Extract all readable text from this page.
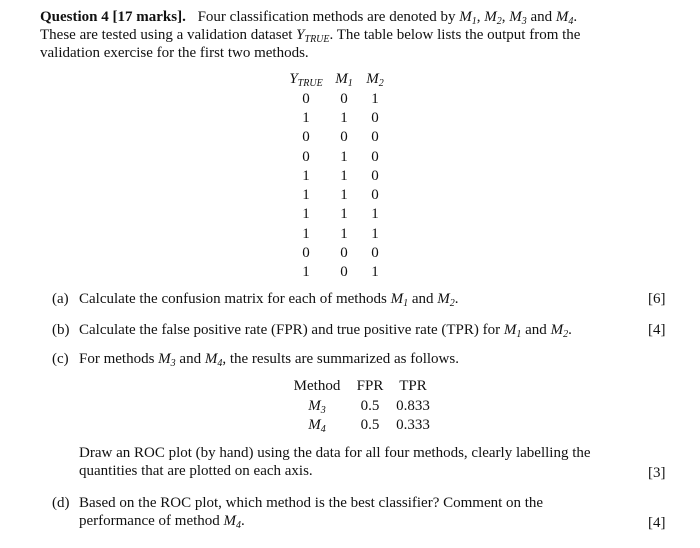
Question 4 [17 marks]. Four classification methods are denoted by $M_1$, $M_2$, $M_3$ and $M_4$.
These are tested using a validation dataset $Y_{TRUE}$. The table below lists the output from the
validation exercise for the first two methods.
$Y_{TRUE}$	$M_1$	$M_2$
0	0	1
1	1	0
0	0	0
0	1	0
1	1	0
1	1	0
1	1	1
1	1	1
0	0	0
1	0	1
(a) Calculate the confusion matrix for each of methods $M_1$ and $M_2$.	[6]
(b) Calculate the false positive rate (FPR) and true positive rate (TPR) for $M_1$ and $M_2$.	[4]
(c) For methods $M_3$ and $M_4$, the results are summarized as follows.
Method	FPR	TPR
$M_3$	0.5	0.833
$M_4$	0.5	0.333
Draw an ROC plot (by hand) using the data for all four methods, clearly labelling the quantities that are plotted on each axis.	[3]
(d) Based on the ROC plot, which method is the best classifier? Comment on the performance of method $M_4$.	[4]
